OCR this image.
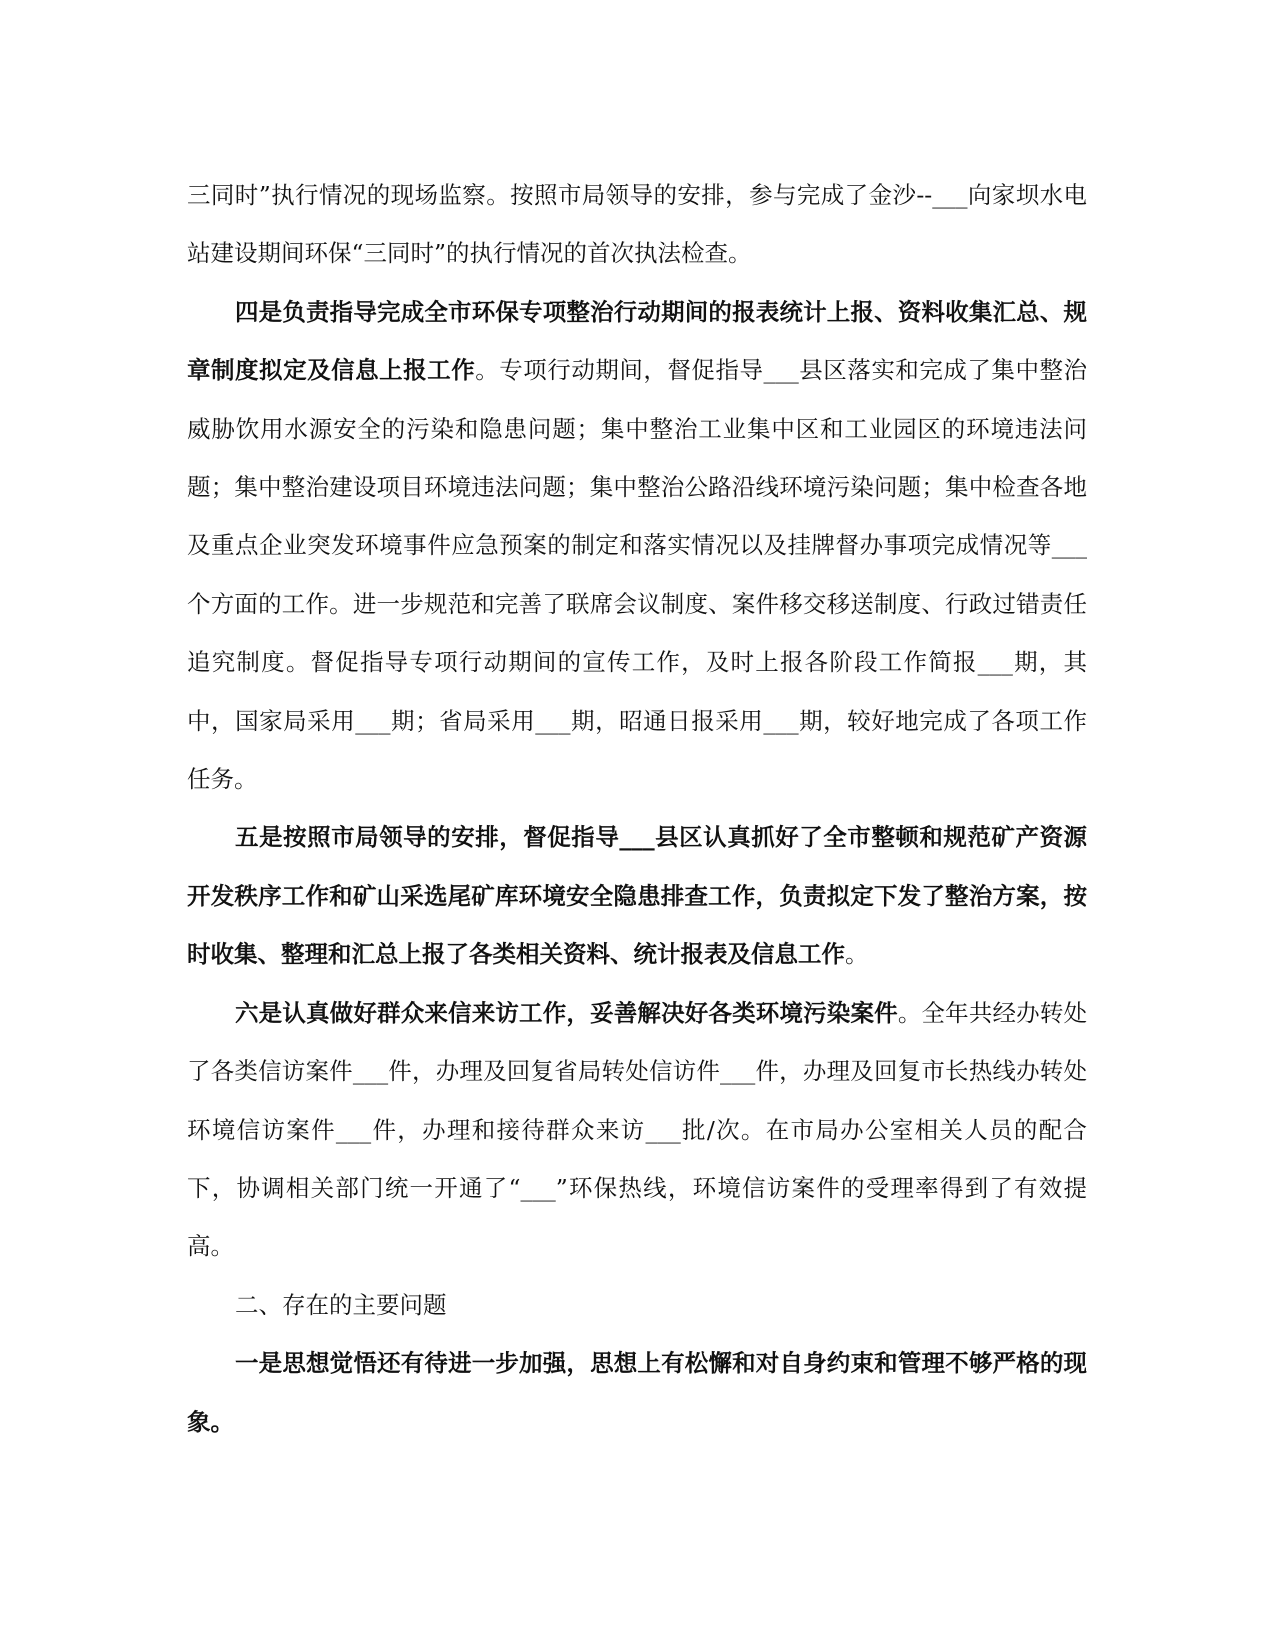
三同时”执行情况的现场监察。按照市局领导的安排，参与完成了金沙--___向家坝水电站建设期间环保“三同时”的执行情况的首次执法检查。

四是负责指导完成全市环保专项整治行动期间的报表统计上报、资料收集汇总、规章制度拟定及信息上报工作。专项行动期间，督促指导___县区落实和完成了集中整治威胁饮用水源安全的污染和隐患问题；集中整治工业集中区和工业园区的环境违法问题；集中整治建设项目环境违法问题；集中整治公路沿线环境污染问题；集中检查各地及重点企业突发环境事件应急预案的制定和落实情况以及挂牌督办事项完成情况等___个方面的工作。进一步规范和完善了联席会议制度、案件移交移送制度、行政过错责任追究制度。督促指导专项行动期间的宣传工作，及时上报各阶段工作简报___期，其中，国家局采用___期；省局采用___期，昭通日报采用___期，较好地完成了各项工作任务。

五是按照市局领导的安排，督促指导___县区认真抓好了全市整顿和规范矿产资源开发秩序工作和矿山采选尾矿库环境安全隐患排查工作，负责拟定下发了整治方案，按时收集、整理和汇总上报了各类相关资料、统计报表及信息工作。

六是认真做好群众来信来访工作，妥善解决好各类环境污染案件。全年共经办转处了各类信访案件___件，办理及回复省局转处信访件___件，办理及回复市长热线办转处环境信访案件___件，办理和接待群众来访___批/次。在市局办公室相关人员的配合下，协调相关部门统一开通了“___”环保热线，环境信访案件的受理率得到了有效提高。

二、存在的主要问题

一是思想觉悟还有待进一步加强，思想上有松懈和对自身约束和管理不够严格的现象。
